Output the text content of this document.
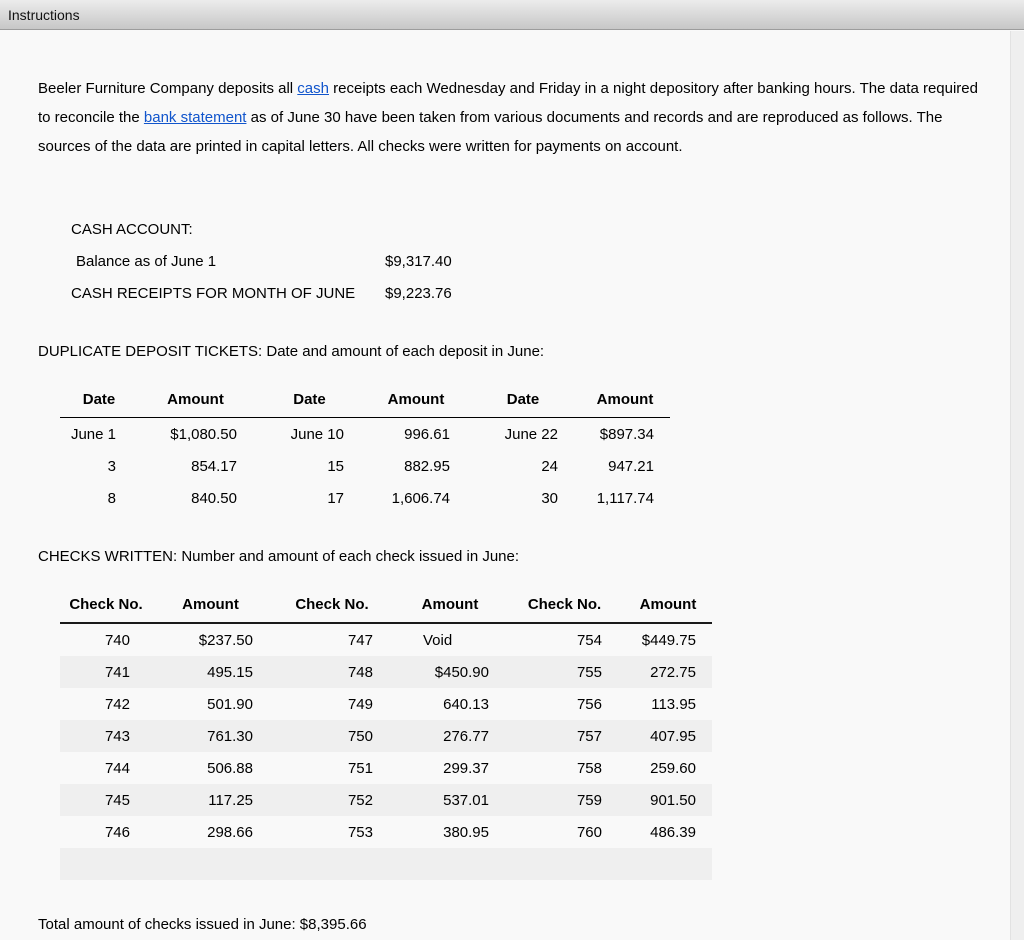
Instructions

Beeler Furniture Company deposits all cash receipts each Wednesday and Friday in a night depository after banking hours. The data required to reconcile the bank statement as of June 30 have been taken from various documents and records and are reproduced as follows. The sources of the data are printed in capital letters. All checks were written for payments on account.

CASH ACCOUNT:
Balance as of June 1	$9,317.40
CASH RECEIPTS FOR MONTH OF JUNE	$9,223.76

DUPLICATE DEPOSIT TICKETS: Date and amount of each deposit in June:

Date	Amount	Date	Amount	Date	Amount
June 1	$1,080.50	June 10	996.61	June 22	$897.34
3	854.17	15	882.95	24	947.21
8	840.50	17	1,606.74	30	1,117.74

CHECKS WRITTEN: Number and amount of each check issued in June:

Check No.	Amount	Check No.	Amount	Check No.	Amount
740	$237.50	747	Void	754	$449.75
741	495.15	748	$450.90	755	272.75
742	501.90	749	640.13	756	113.95
743	761.30	750	276.77	757	407.95
744	506.88	751	299.37	758	259.60
745	117.25	752	537.01	759	901.50
746	298.66	753	380.95	760	486.39

Total amount of checks issued in June: $8,395.66
